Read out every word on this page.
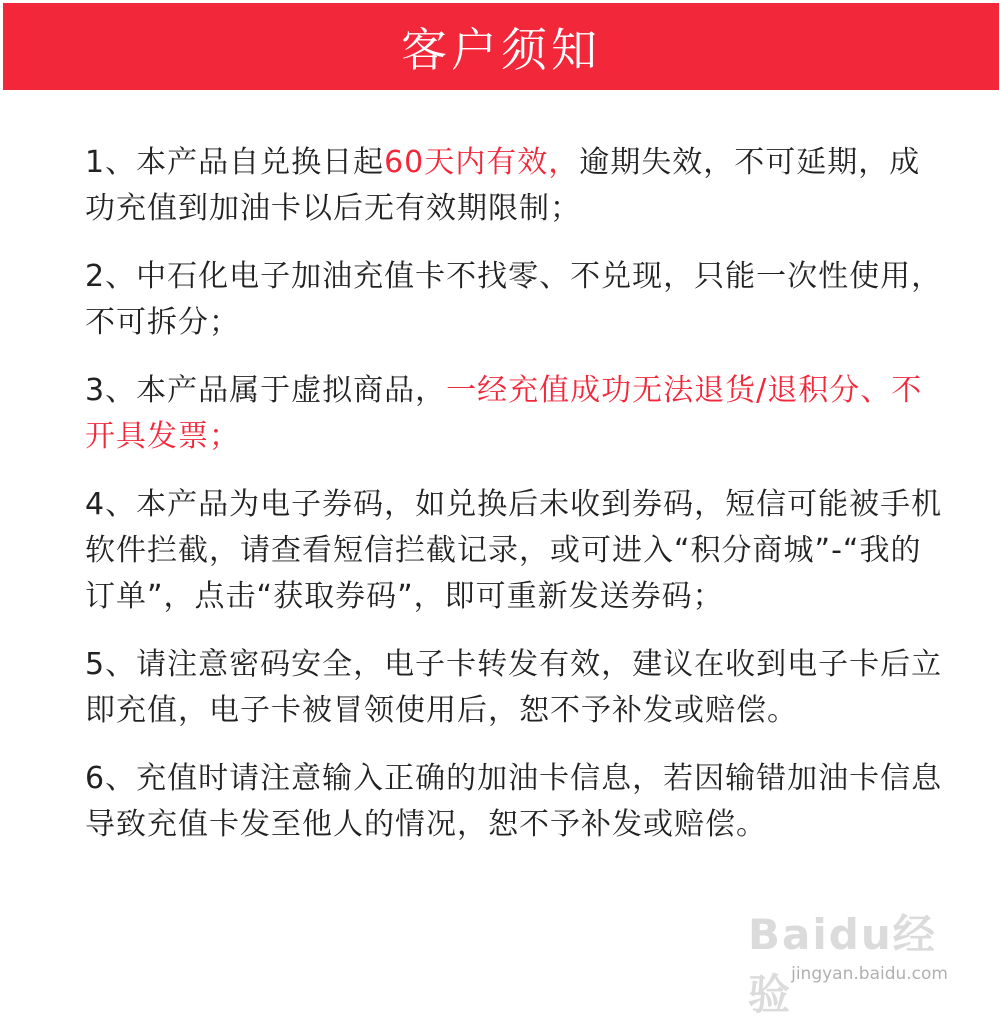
客户须知

1、本产品自兑换日起60天内有效，逾期失效，不可延期，成功充值到加油卡以后无有效期限制；

2、中石化电子加油充值卡不找零、不兑现，只能一次性使用，不可拆分；

3、本产品属于虚拟商品，一经充值成功无法退货/退积分、不开具发票；

4、本产品为电子券码，如兑换后未收到券码，短信可能被手机软件拦截，请查看短信拦截记录，或可进入“积分商城”-“我的订单”，点击“获取券码”，即可重新发送券码；

5、请注意密码安全，电子卡转发有效，建议在收到电子卡后立即充值，电子卡被冒领使用后，恕不予补发或赔偿。

6、充值时请注意输入正确的加油卡信息，若因输错加油卡信息导致充值卡发至他人的情况，恕不予补发或赔偿。

Baidu经验 jingyan.baidu.com
